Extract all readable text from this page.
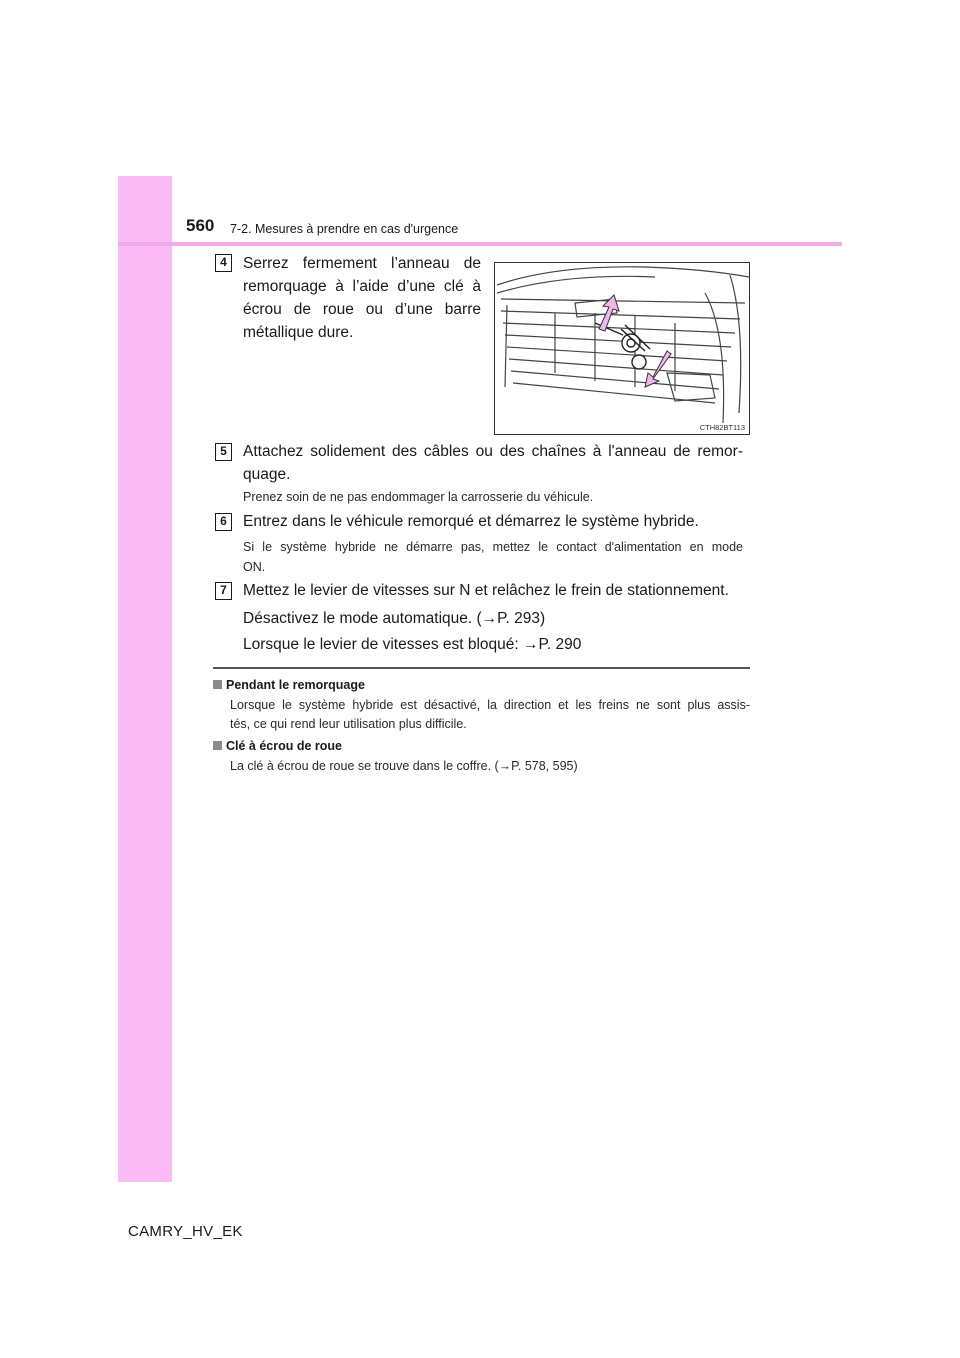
560 7-2. Mesures à prendre en cas d'urgence
4	Serrez fermement l’anneau de
remorquage à l’aide d’une clé à
écrou de roue ou d’une barre
métallique dure.
CTH82BT113
5	Attachez solidement des câbles ou des chaînes à l'anneau de remor-
quage.
Prenez soin de ne pas endommager la carrosserie du véhicule.
6	Entrez dans le véhicule remorqué et démarrez le système hybride.
Si le système hybride ne démarre pas, mettez le contact d'alimentation en mode
ON.
7	Mettez le levier de vitesses sur N et relâchez le frein de stationnement.
Désactivez le mode automatique. (→P. 293)
Lorsque le levier de vitesses est bloqué: →P. 290
Pendant le remorquage
Lorsque le système hybride est désactivé, la direction et les freins ne sont plus assis-
tés, ce qui rend leur utilisation plus difficile.
Clé à écrou de roue
La clé à écrou de roue se trouve dans le coffre. (→P. 578, 595)
CAMRY_HV_EK
